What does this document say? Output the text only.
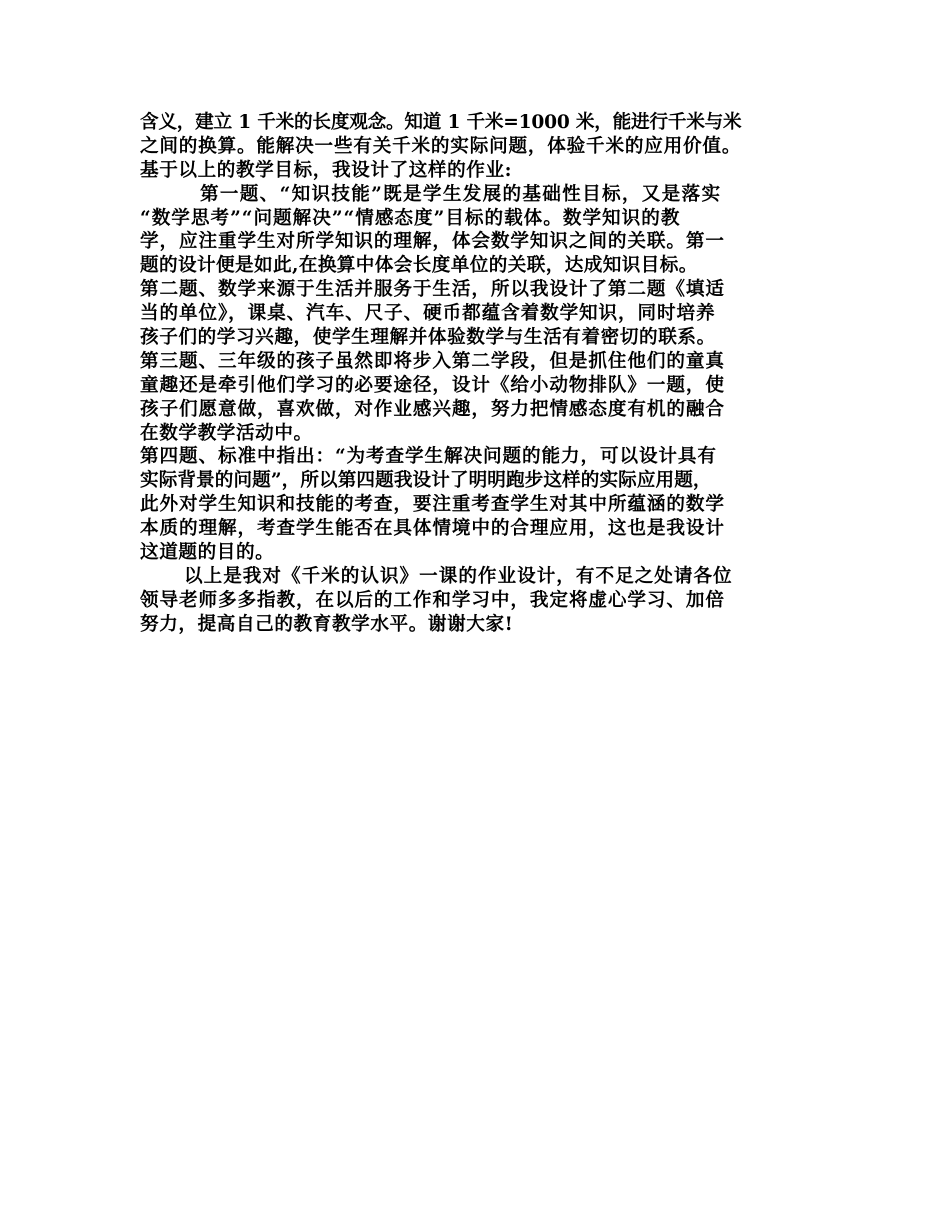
含义，建立 1 千米的长度观念。知道 1 千米=1000 米，能进行千米与米
之间的换算。能解决一些有关千米的实际问题，体验千米的应用价值。
基于以上的教学目标，我设计了这样的作业:
第一题、“知识技能”既是学生发展的基础性目标，又是落实
“数学思考”“问题解决”“情感态度”目标的载体。数学知识的教
学，应注重学生对所学知识的理解，体会数学知识之间的关联。第一
题的设计便是如此,在换算中体会长度单位的关联，达成知识目标。
第二题、数学来源于生活并服务于生活，所以我设计了第二题《填适
当的单位》，课桌、汽车、尺子、硬币都蕴含着数学知识，同时培养
孩子们的学习兴趣，使学生理解并体验数学与生活有着密切的联系。
第三题、三年级的孩子虽然即将步入第二学段，但是抓住他们的童真
童趣还是牵引他们学习的必要途径，设计《给小动物排队》一题，使
孩子们愿意做，喜欢做，对作业感兴趣，努力把情感态度有机的融合
在数学教学活动中。
第四题、标准中指出：“为考查学生解决问题的能力，可以设计具有
实际背景的问题”，所以第四题我设计了明明跑步这样的实际应用题，
此外对学生知识和技能的考查，要注重考查学生对其中所蕴涵的数学
本质的理解，考查学生能否在具体情境中的合理应用，这也是我设计
这道题的目的。
以上是我对《千米的认识》一课的作业设计，有不足之处请各位
领导老师多多指教，在以后的工作和学习中，我定将虚心学习、加倍
努力，提高自己的教育教学水平。谢谢大家!
